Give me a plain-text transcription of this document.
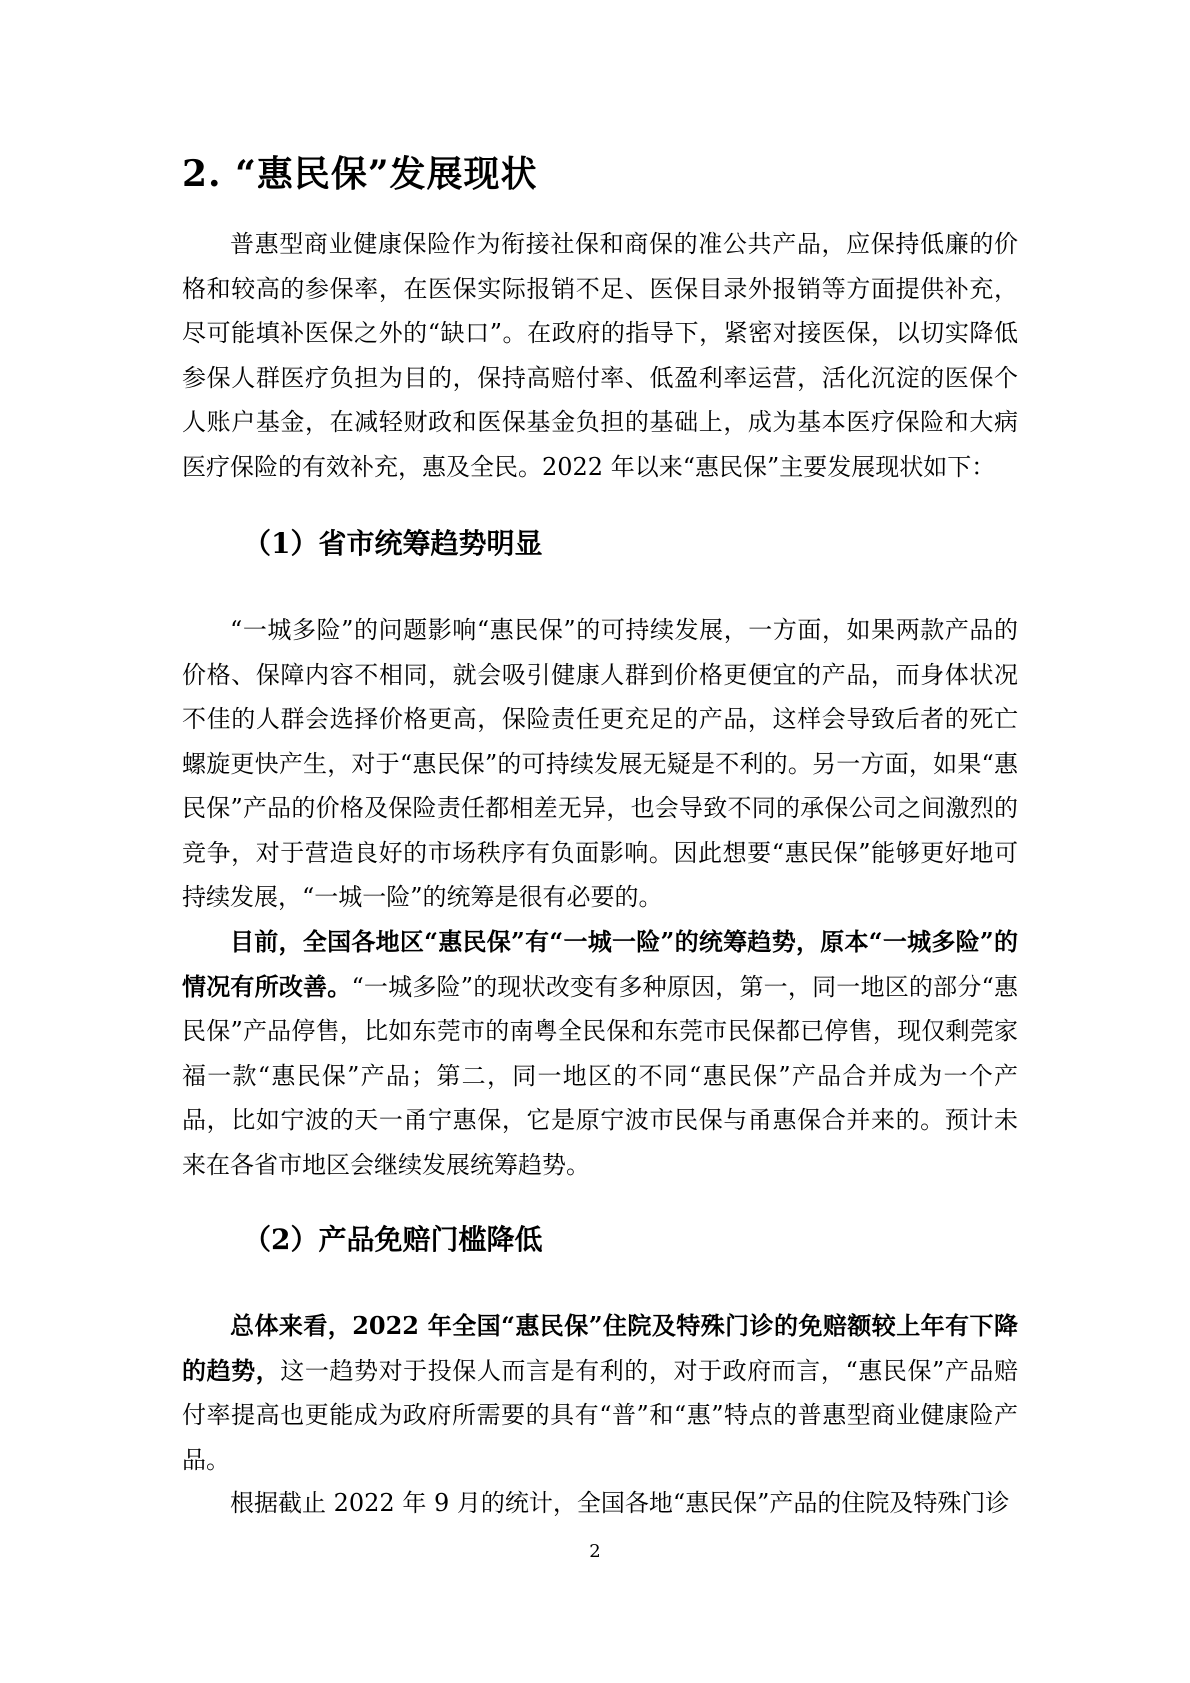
2. “惠民保”发展现状

普惠型商业健康保险作为衔接社保和商保的准公共产品，应保持低廉的价格和较高的参保率，在医保实际报销不足、医保目录外报销等方面提供补充，尽可能填补医保之外的“缺口”。在政府的指导下，紧密对接医保，以切实降低参保人群医疗负担为目的，保持高赔付率、低盈利率运营，活化沉淀的医保个人账户基金，在减轻财政和医保基金负担的基础上，成为基本医疗保险和大病医疗保险的有效补充，惠及全民。2022 年以来“惠民保”主要发展现状如下：

（1）省市统筹趋势明显

“一城多险”的问题影响“惠民保”的可持续发展，一方面，如果两款产品的价格、保障内容不相同，就会吸引健康人群到价格更便宜的产品，而身体状况不佳的人群会选择价格更高，保险责任更充足的产品，这样会导致后者的死亡螺旋更快产生，对于“惠民保”的可持续发展无疑是不利的。另一方面，如果“惠民保”产品的价格及保险责任都相差无异，也会导致不同的承保公司之间激烈的竞争，对于营造良好的市场秩序有负面影响。因此想要“惠民保”能够更好地可持续发展，“一城一险”的统筹是很有必要的。

目前，全国各地区“惠民保”有“一城一险”的统筹趋势，原本“一城多险”的情况有所改善。“一城多险”的现状改变有多种原因，第一，同一地区的部分“惠民保”产品停售，比如东莞市的南粤全民保和东莞市民保都已停售，现仅剩莞家福一款“惠民保”产品；第二，同一地区的不同“惠民保”产品合并成为一个产品，比如宁波的天一甬宁惠保，它是原宁波市民保与甬惠保合并来的。预计未来在各省市地区会继续发展统筹趋势。

（2）产品免赔门槛降低

总体来看，2022 年全国“惠民保”住院及特殊门诊的免赔额较上年有下降的趋势，这一趋势对于投保人而言是有利的，对于政府而言，“惠民保”产品赔付率提高也更能成为政府所需要的具有“普”和“惠”特点的普惠型商业健康险产品。

根据截止 2022 年 9 月的统计，全国各地“惠民保”产品的住院及特殊门诊

2
